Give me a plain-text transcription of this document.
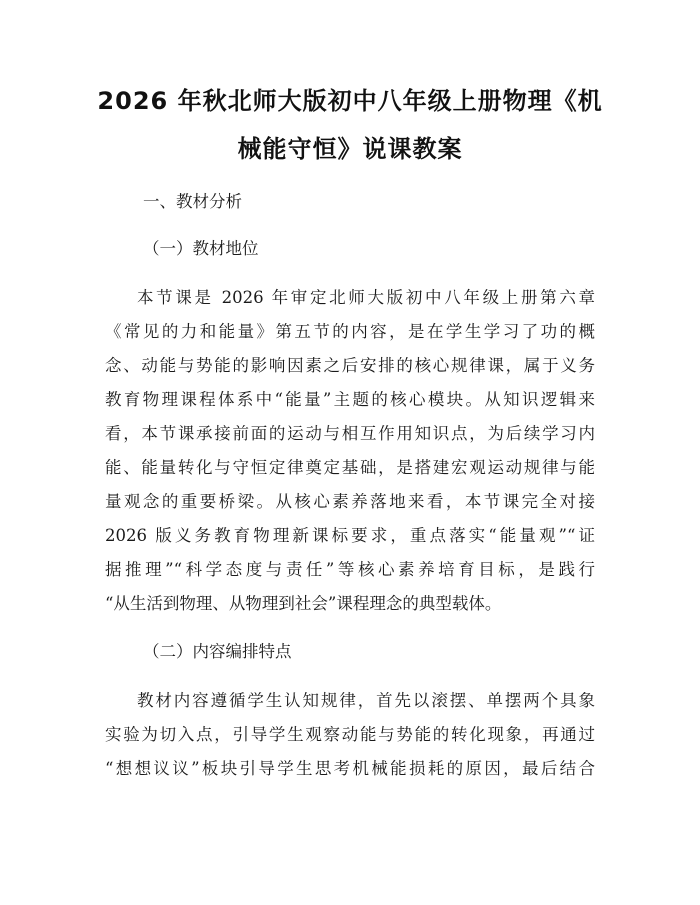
2026 年秋北师大版初中八年级上册物理《机
械能守恒》说课教案
一、教材分析
（一）教材地位
本节课是 2026 年审定北师大版初中八年级上册第六章
《常见的力和能量》第五节的内容，是在学生学习了功的概
念、动能与势能的影响因素之后安排的核心规律课，属于义务
教育物理课程体系中“能量”主题的核心模块。从知识逻辑来
看，本节课承接前面的运动与相互作用知识点，为后续学习内
能、能量转化与守恒定律奠定基础，是搭建宏观运动规律与能
量观念的重要桥梁。从核心素养落地来看，本节课完全对接
2026 版义务教育物理新课标要求，重点落实“能量观”“证
据推理”“科学态度与责任”等核心素养培育目标，是践行
“从生活到物理、从物理到社会”课程理念的典型载体。
（二）内容编排特点
教材内容遵循学生认知规律，首先以滚摆、单摆两个具象
实验为切入点，引导学生观察动能与势能的转化现象，再通过
“想想议议”板块引导学生思考机械能损耗的原因，最后结合
